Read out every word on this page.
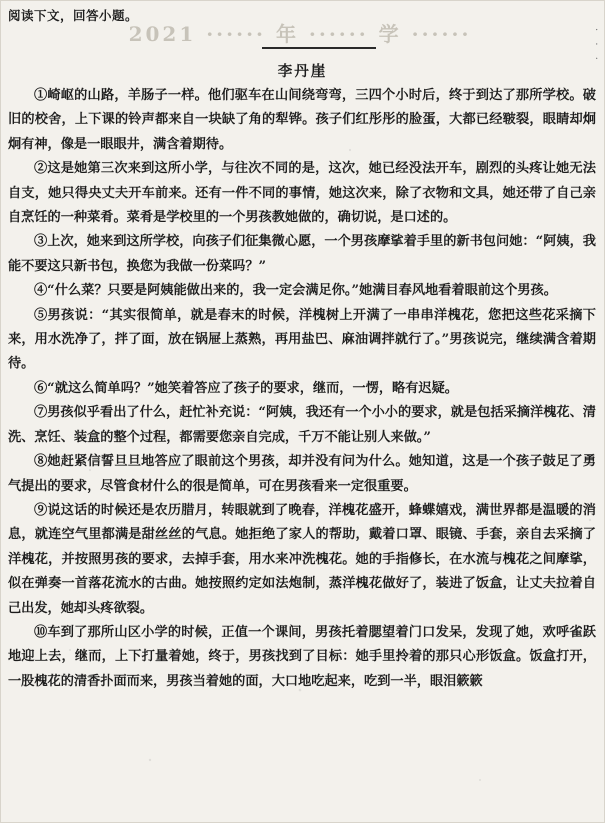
阅读下文，回答小题。
2021 ······ 年 ······ 学 ······	· · ·
李丹崖

①崎岖的山路，羊肠子一样。他们驱车在山间绕弯弯，三四个小时后，终于到达了那所学校。破旧的校舍，上下课的铃声都来自一块缺了角的犁铧。孩子们红彤彤的脸蛋，大都已经皲裂，眼睛却炯炯有神，像是一眼眼井，满含着期待。

②这是她第三次来到这所小学，与往次不同的是，这次，她已经没法开车，剧烈的头疼让她无法自支，她只得央丈夫开车前来。还有一件不同的事情，她这次来，除了衣物和文具，她还带了自己亲自烹饪的一种菜肴。菜肴是学校里的一个男孩教她做的，确切说，是口述的。

③上次，她来到这所学校，向孩子们征集微心愿，一个男孩摩挲着手里的新书包问她：“阿姨，我能不要这只新书包，换您为我做一份菜吗？”

④“什么菜？只要是阿姨能做出来的，我一定会满足你。”她满目春风地看着眼前这个男孩。

⑤男孩说：“其实很简单，就是春末的时候，洋槐树上开满了一串串洋槐花，您把这些花采摘下来，用水洗净了，拌了面，放在锅屉上蒸熟，再用盐巴、麻油调拌就行了。”男孩说完，继续满含着期待。

⑥“就这么简单吗？”她笑着答应了孩子的要求，继而，一愣，略有迟疑。

⑦男孩似乎看出了什么，赶忙补充说：“阿姨，我还有一个小小的要求，就是包括采摘洋槐花、清洗、烹饪、装盒的整个过程，都需要您亲自完成，千万不能让别人来做。”

⑧她赶紧信誓旦旦地答应了眼前这个男孩，却并没有问为什么。她知道，这是一个孩子鼓足了勇气提出的要求，尽管食材什么的很是简单，可在男孩看来一定很重要。

⑨说这话的时候还是农历腊月，转眼就到了晚春，洋槐花盛开，蜂蝶嬉戏，满世界都是温暖的消息，就连空气里都满是甜丝丝的气息。她拒绝了家人的帮助，戴着口罩、眼镜、手套，亲自去采摘了洋槐花，并按照男孩的要求，去掉手套，用水来冲洗槐花。她的手指修长，在水流与槐花之间摩挲，似在弹奏一首落花流水的古曲。她按照约定如法炮制，蒸洋槐花做好了，装进了饭盒，让丈夫拉着自己出发，她却头疼欲裂。

⑩车到了那所山区小学的时候，正值一个课间，男孩托着腮望着门口发呆，发现了她，欢呼雀跃地迎上去，继而，上下打量着她，终于，男孩找到了目标：她手里拎着的那只心形饭盒。饭盒打开，一股槐花的清香扑面而来，男孩当着她的面，大口地吃起来，吃到一半，眼泪簌簌
